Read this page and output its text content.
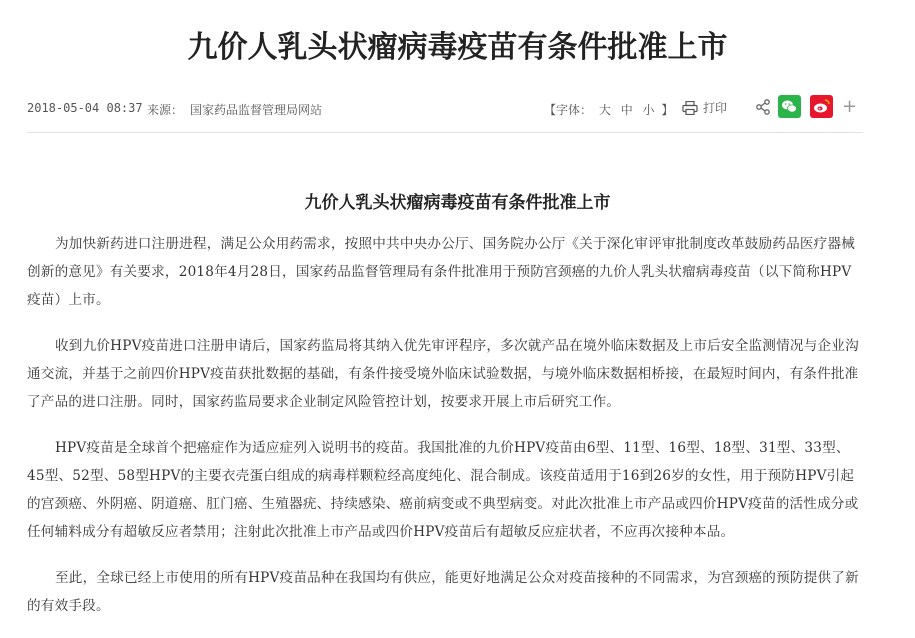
九价人乳头状瘤病毒疫苗有条件批准上市
2018-05-04 08:37 来源： 国家药品监督管理局网站	【字体： 大 中 小 】 打印	+
九价人乳头状瘤病毒疫苗有条件批准上市

为加快新药进口注册进程，满足公众用药需求，按照中共中央办公厅、国务院办公厅《关于深化审评审批制度改革鼓励药品医疗器械创新的意见》有关要求，2018年4月28日，国家药品监督管理局有条件批准用于预防宫颈癌的九价人乳头状瘤病毒疫苗（以下简称HPV疫苗）上市。

收到九价HPV疫苗进口注册申请后，国家药监局将其纳入优先审评程序，多次就产品在境外临床数据及上市后安全监测情况与企业沟通交流，并基于之前四价HPV疫苗获批数据的基础，有条件接受境外临床试验数据，与境外临床数据相桥接，在最短时间内，有条件批准了产品的进口注册。同时，国家药监局要求企业制定风险管控计划，按要求开展上市后研究工作。

HPV疫苗是全球首个把癌症作为适应症列入说明书的疫苗。我国批准的九价HPV疫苗由6型、11型、16型、18型、31型、33型、45型、52型、58型HPV的主要衣壳蛋白组成的病毒样颗粒经高度纯化、混合制成。该疫苗适用于16到26岁的女性，用于预防HPV引起的宫颈癌、外阴癌、阴道癌、肛门癌、生殖器疣、持续感染、癌前病变或不典型病变。对此次批准上市产品或四价HPV疫苗的活性成分或任何辅料成分有超敏反应者禁用；注射此次批准上市产品或四价HPV疫苗后有超敏反应症状者，不应再次接种本品。

至此，全球已经上市使用的所有HPV疫苗品种在我国均有供应，能更好地满足公众对疫苗接种的不同需求，为宫颈癌的预防提供了新的有效手段。
